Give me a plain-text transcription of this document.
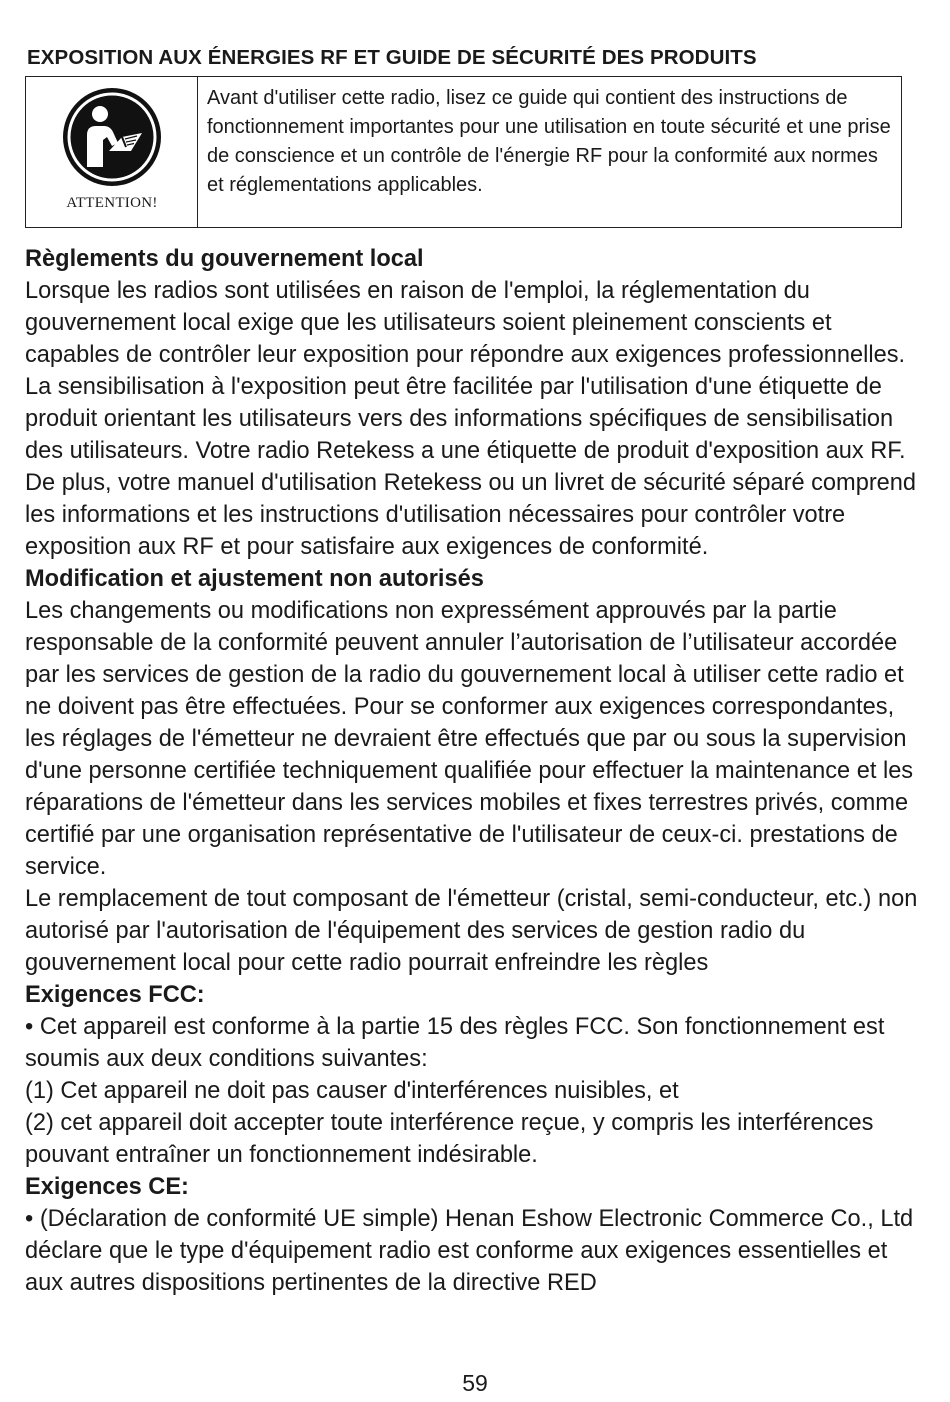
EXPOSITION AUX ÉNERGIES RF ET GUIDE DE SÉCURITÉ DES PRODUITS
ATTENTION!
Avant d'utiliser cette radio, lisez ce guide qui contient des instructions de fonctionnement importantes pour une utilisation en toute sécurité et une prise de conscience et un contrôle de l'énergie RF pour la conformité aux normes et réglementations applicables.

Règlements du gouvernement local

Lorsque les radios sont utilisées en raison de l'emploi, la réglementation du gouvernement local exige que les utilisateurs soient pleinement conscients et capables de contrôler leur exposition pour répondre aux exigences professionnelles. La sensibilisation à l'exposition peut être facilitée par l'utilisation d'une étiquette de produit orientant les utilisateurs vers des informations spécifiques de sensibilisation des utilisateurs. Votre radio Retekess a une étiquette de produit d'exposition aux RF. De plus, votre manuel d'utilisation Retekess ou un livret de sécurité séparé comprend les informations et les instructions d'utilisation nécessaires pour contrôler votre exposition aux RF et pour satisfaire aux exigences de conformité.

Modification et ajustement non autorisés

Les changements ou modifications non expressément approuvés par la partie responsable de la conformité peuvent annuler l’autorisation de l’utilisateur accordée par les services de gestion de la radio du gouvernement local à utiliser cette radio et ne doivent pas être effectuées. Pour se conformer aux exigences correspondantes, les réglages de l'émetteur ne devraient être effectués que par ou sous la supervision d'une personne certifiée techniquement qualifiée pour effectuer la maintenance et les réparations de l'émetteur dans les services mobiles et fixes terrestres privés, comme certifié par une organisation représentative de l'utilisateur de ceux-ci. prestations de service.

Le remplacement de tout composant de l'émetteur (cristal, semi-conducteur, etc.) non autorisé par l'autorisation de l'équipement des services de gestion radio du gouvernement local pour cette radio pourrait enfreindre les règles

Exigences FCC:

• Cet appareil est conforme à la partie 15 des règles FCC. Son fonctionnement est soumis aux deux conditions suivantes:

(1) Cet appareil ne doit pas causer d'interférences nuisibles, et

(2) cet appareil doit accepter toute interférence reçue, y compris les interférences pouvant entraîner un fonctionnement indésirable.

Exigences CE:

• (Déclaration de conformité UE simple) Henan Eshow Electronic Commerce Co., Ltd déclare que le type d'équipement radio est conforme aux exigences essentielles et aux autres dispositions pertinentes de la directive RED

59
